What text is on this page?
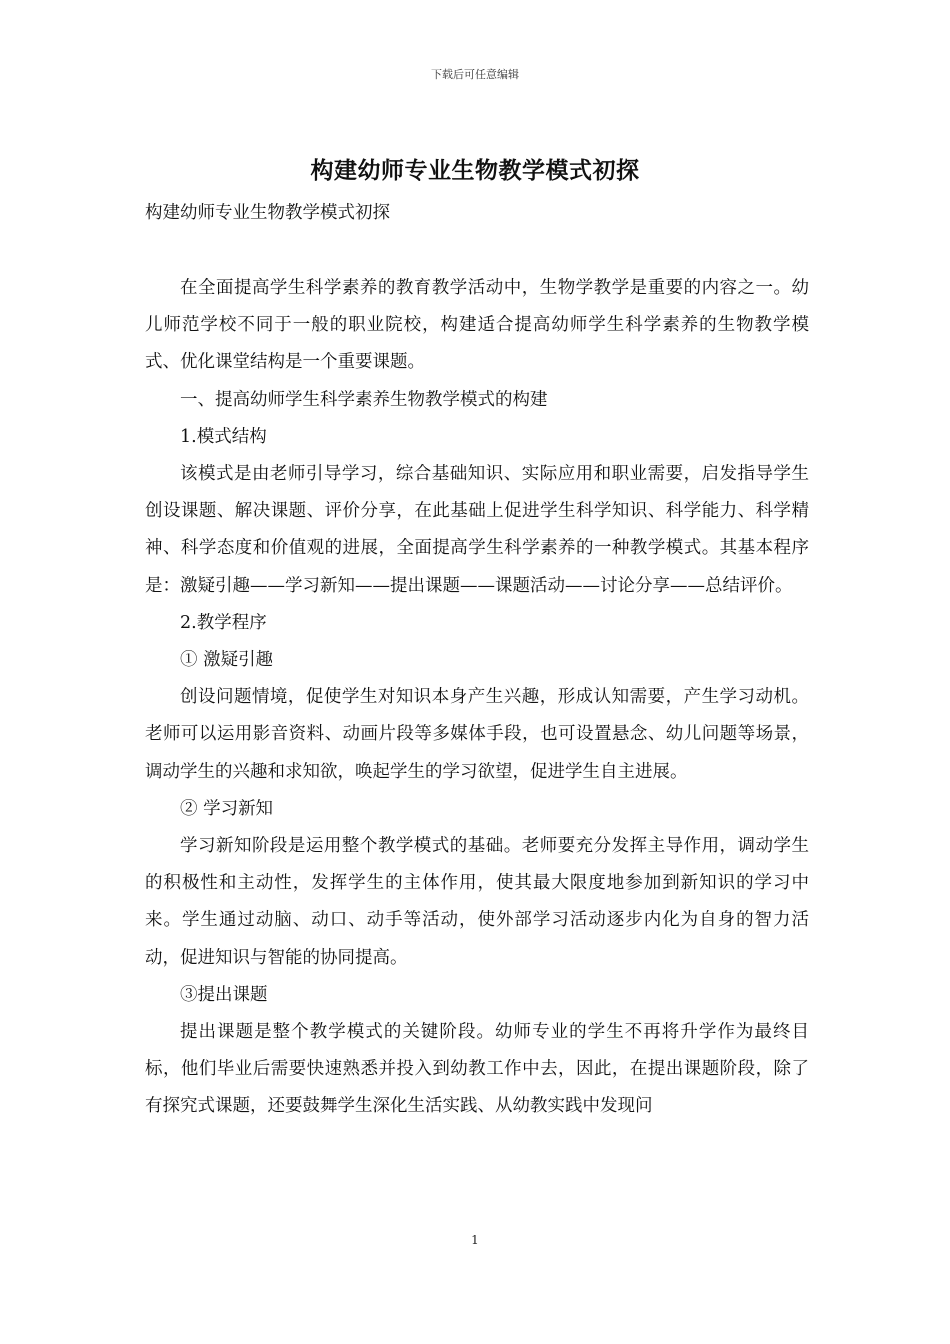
下载后可任意编辑
构建幼师专业生物教学模式初探

构建幼师专业生物教学模式初探

在全面提高学生科学素养的教育教学活动中，生物学教学是重要的内容之一。幼儿师范学校不同于一般的职业院校，构建适合提高幼师学生科学素养的生物教学模式、优化课堂结构是一个重要课题。

一、提高幼师学生科学素养生物教学模式的构建

1.模式结构

该模式是由老师引导学习，综合基础知识、实际应用和职业需要，启发指导学生创设课题、解决课题、评价分享，在此基础上促进学生科学知识、科学能力、科学精神、科学态度和价值观的进展，全面提高学生科学素养的一种教学模式。其基本程序是：激疑引趣——学习新知——提出课题——课题活动——讨论分享——总结评价。

2.教学程序

① 激疑引趣

创设问题情境，促使学生对知识本身产生兴趣，形成认知需要，产生学习动机。老师可以运用影音资料、动画片段等多媒体手段，也可设置悬念、幼儿问题等场景，调动学生的兴趣和求知欲，唤起学生的学习欲望，促进学生自主进展。

② 学习新知

学习新知阶段是运用整个教学模式的基础。老师要充分发挥主导作用，调动学生的积极性和主动性，发挥学生的主体作用，使其最大限度地参加到新知识的学习中来。学生通过动脑、动口、动手等活动，使外部学习活动逐步内化为自身的智力活动，促进知识与智能的协同提高。

③提出课题

提出课题是整个教学模式的关键阶段。幼师专业的学生不再将升学作为最终目标，他们毕业后需要快速熟悉并投入到幼教工作中去，因此，在提出课题阶段，除了有探究式课题，还要鼓舞学生深化生活实践、从幼教实践中发现问

1
